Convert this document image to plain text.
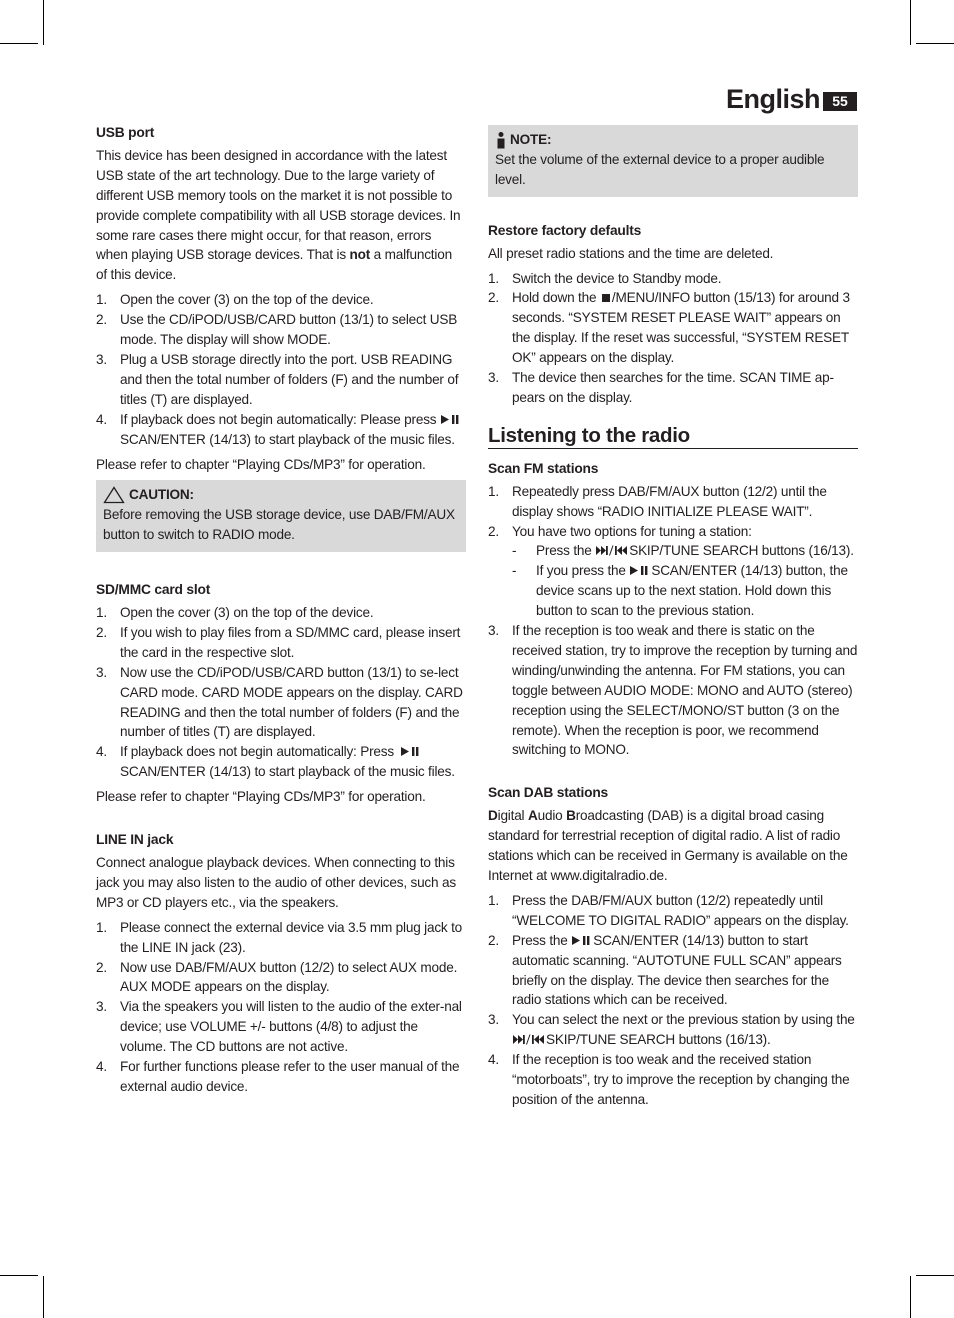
English 55
USB port

This device has been designed in accordance with the latest USB state of the art technology. Due to the large variety of different USB memory tools on the market it is not possible to provide complete compatibility with all USB storage devices. In some rare cases there might occur, for that reason, errors when playing USB storage devices. That is not a malfunction of this device.

1. Open the cover (3) on the top of the device.
2. Use the CD/iPOD/USB/CARD button (13/1) to select USB mode. The display will show MODE.
3. Plug a USB storage directly into the port. USB READING and then the total number of folders (F) and the number of titles (T) are displayed.
4. If playback does not begin automatically: Please press SCAN/ENTER (14/13) to start playback of the music files.

Please refer to chapter “Playing CDs/MP3” for operation.

CAUTION:
Before removing the USB storage device, use DAB/FM/AUX button to switch to RADIO mode.
SD/MMC card slot
1. Open the cover (3) on the top of the device.
2. If you wish to play files from a SD/MMC card, please insert the card in the respective slot.
3. Now use the CD/iPOD/USB/CARD button (13/1) to se-lect CARD mode. CARD MODE appears on the display. CARD READING and then the total number of folders (F) and the number of titles (T) are displayed.
4. If playback does not begin automatically: Press
SCAN/ENTER (14/13) to start playback of the music files.

Please refer to chapter “Playing CDs/MP3” for operation.

LINE IN jack

Connect analogue playback devices. When connecting to this jack you may also listen to the audio of other devices, such as MP3 or CD players etc., via the speakers.

1. Please connect the external device via 3.5 mm plug jack to the LINE IN jack (23).
2. Now use DAB/FM/AUX button (12/2) to select AUX mode. AUX MODE appears on the display.
3. Via the speakers you will listen to the audio of the exter-nal device; use VOLUME +/- buttons (4/8) to adjust the volume. The CD buttons are not active.
4. For further functions please refer to the user manual of the external audio device.
NOTE:
Set the volume of the external device to a proper audible level.
Restore factory defaults

All preset radio stations and the time are deleted.

1. Switch the device to Standby mode.
2. Hold down the /MENU/INFO button (15/13) for around 3 seconds. “SYSTEM RESET PLEASE WAIT” appears on the display. If the reset was successful, “SYSTEM RESET OK” appears on the display.
3. The device then searches for the time. SCAN TIME ap-pears on the display.
Listening to the radio
Scan FM stations
1. Repeatedly press DAB/FM/AUX button (12/2) until the display shows “RADIO INITIALIZE PLEASE WAIT”.
2. You have two options for tuning a station:
- Press the	SKIP/TUNE SEARCH buttons (16/13).
- If you press the SCAN/ENTER (14/13) button, the device scans up to the next station. Hold down this button to scan to the previous station.
3. If the reception is too weak and there is static on the received station, try to improve the reception by turning and winding/unwinding the antenna. For FM stations, you can toggle between AUDIO MODE: MONO and AUTO (stereo) reception using the SELECT/MONO/ST button (3 on the remote). When the reception is poor, we recommend switching to MONO.
Scan DAB stations

Digital Audio Broadcasting (DAB) is a digital broad casing standard for terrestrial reception of digital radio. A list of radio stations which can be received in Germany is available on the Internet at www.digitalradio.de.

1. Press the DAB/FM/AUX button (12/2) repeatedly until “WELCOME TO DIGITAL RADIO” appears on the display.
2. Press the SCAN/ENTER (14/13) button to start automatic scanning. “AUTOTUNE FULL SCAN” appears briefly on the display. The device then searches for the radio stations which can be received.
3. You can select the next or the previous station by using the SKIP/TUNE SEARCH buttons (16/13).
4. If the reception is too weak and the received station “motorboats”, try to improve the reception by changing the position of the antenna.
